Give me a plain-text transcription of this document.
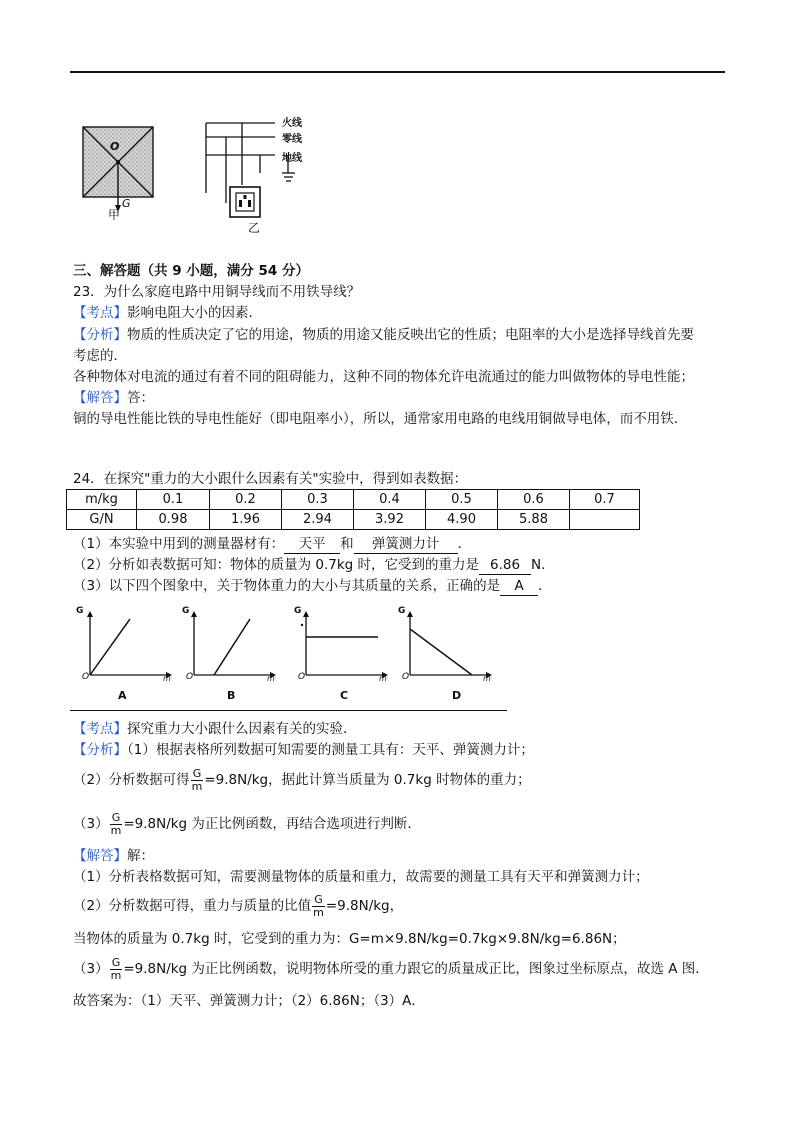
O
G
甲
火线
零线
地线
乙
三、解答题（共 9 小题，满分 54 分）
23．为什么家庭电路中用铜导线而不用铁导线？
【考点】影响电阻大小的因素．
【分析】物质的性质决定了它的用途，物质的用途又能反映出它的性质；电阻率的大小是选择导线首先要
考虑的．
各种物体对电流的通过有着不同的阻碍能力，这种不同的物体允许电流通过的能力叫做物体的导电性能；
【解答】答：
铜的导电性能比铁的导电性能好（即电阻率小），所以，通常家用电路的电线用铜做导电体，而不用铁．
24．在探究"重力的大小跟什么因素有关"实验中，得到如表数据：
m/kg	0.1	0.2	0.3	0.4	0.5	0.6	0.7
G/N	0.98	1.96	2.94	3.92	4.90	5.88	
（1）本实验中用到的测量器材有： 天平 和 弹簧测力计 ．
（2）分析如表数据可知：物体的质量为 0.7kg 时，它受到的重力是 6.86 N．
（3）以下四个图象中，关于物体重力的大小与其质量的关系，正确的是 A ．
G	G	G	G
O	O	O	O
m	m	m	m
A	B	C	D
【考点】探究重力大小跟什么因素有关的实验．
【分析】（1）根据表格所列数据可知需要的测量工具有：天平、弹簧测力计；
（2）分析数据可得 $\frac{G}{m} =9.8N/kg$，据此计算当质量为 0.7kg 时物体的重力；
$(3) \frac{G}{m} =9.8N/kg$ 为正比例函数，再结合选项进行判断．
【解答】解：
（1）分析表格数据可知，需要测量物体的质量和重力，故需要的测量工具有天平和弹簧测力计；
（2）分析数据可得，重力与质量的比值 $\frac{G}{m} =9.8N/kg$，
当物体的质量为 0.7kg 时，它受到的重力为：G=m×9.8N/kg=0.7kg×9.8N/kg=6.86N；
$(3) \frac{G}{m} =9.8N/kg$ 为正比例函数，说明物体所受的重力跟它的质量成正比，图象过坐标原点，故选 A 图．
故答案为：（1）天平、弹簧测力计；（2）6.86N；（3）A．
